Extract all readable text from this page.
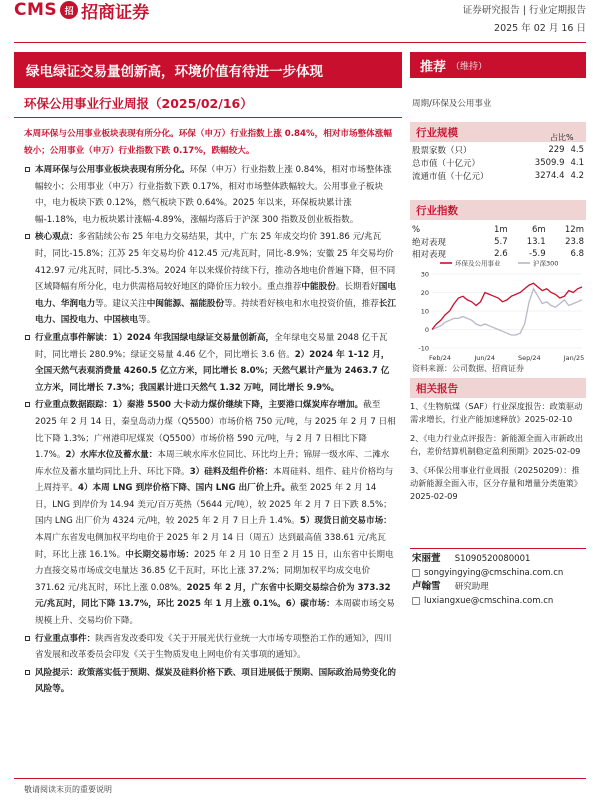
CMS 招 招商证券	证券研究报告 | 行业定期报告
2025 年 02 月 16 日
绿电绿证交易量创新高，环境价值有待进一步体现	推荐 （维持）
环保公用事业行业周报（2025/02/16）	周期/环保及公用事业
本周环保与公用事业板块表现有所分化。环保（申万）行业指数上涨 0.84%，相对市场整体涨幅较小；公用事业（申万）行业指数下跌 0.17%，跌幅较大。
本周环保与公用事业板块表现有所分化。环保（申万）行业指数上涨 0.84%，相对市场整体涨幅较小；公用事业（申万）行业指数下跌 0.17%，相对市场整体跌幅较大。公用事业子板块中，电力板块下跌 0.12%，燃气板块下跌 0.64%。2025 年以来，环保板块累计涨幅-1.18%，电力板块累计涨幅-4.89%，涨幅均落后于沪深 300 指数及创业板指数。
核心观点：多省陆续公布 25 年电力交易结果，其中，广东 25 年成交均价 391.86 元/兆瓦时，同比-15.8%；江苏 25 年交易均价 412.45 元/兆瓦时，同比-8.9%；安徽 25 年交易均价 412.97 元/兆瓦时，同比-5.3%。2024 年以来煤价持续下行，推动各地电价普遍下降，但不同区域降幅有所分化，电力供需格局较好地区的降价压力较小。重点推荐中能股份。长期看好国电电力、华润电力等。建议关注中闽能源、福能股份等。持续看好核电和水电投资价值，推荐长江电力、国投电力、中国核电等。
行业重点事件解读：1）2024 年我国绿电绿证交易量创新高，全年绿电交易量 2048 亿千瓦时，同比增长 280.9%；绿证交易量 4.46 亿个，同比增长 3.6 倍。2）2024 年 1-12 月，全国天然气表观消费量 4260.5 亿立方米，同比增长 8.0%；天然气累计产量为 2463.7 亿立方米，同比增长 7.3%；我国累计进口天然气 1.32 万吨，同比增长 9.9%。
行业重点数据跟踪：1）秦港 5500 大卡动力煤价继续下降，主要港口煤炭库存增加。截至 2025 年 2 月 14 日，秦皇岛动力煤（Q5500）市场价格 750 元/吨，与 2025 年 2 月 7 日相比下降 1.3%；广州港印尼煤炭（Q5500）市场价格 590 元/吨，与 2 月 7 日相比下降 1.7%。2）水库水位及蓄水量：本周三峡水库水位同比、环比均上升；锦屏一级水库、二滩水库水位及蓄水量均同比上升、环比下降。3）硅料及组件价格：本周硅料、组件、硅片价格均与上周持平。4）本周 LNG 到岸价格下降、国内 LNG 出厂价上升。截至 2025 年 2 月 14 日，LNG 到岸价为 14.94 美元/百万英热（5644 元/吨），较 2025 年 2 月 7 日下跌 8.5%；国内 LNG 出厂价为 4324 元/吨，较 2025 年 2 月 7 日上升 1.4%。5）现货日前交易市场：本周广东省发电侧加权平均电价于 2025 年 2 月 14 日（周五）达到最高值 338.61 元/兆瓦时，环比上涨 16.1%。中长期交易市场：2025 年 2 月 10 日至 2 月 15 日，山东省中长期电力直接交易市场成交电量达 36.85 亿千瓦时，环比上涨 37.2%；同期加权平均成交电价 371.62 元/兆瓦时，环比上涨 0.08%。2025 年 2 月，广东省中长期交易综合价为 373.32 元/兆瓦时，同比下降 13.7%，环比 2025 年 1 月上涨 0.1%。6）碳市场：本周碳市场交易规模上升、交易均价下降。
行业重点事件：陕西省发改委印发《关于开展光伏行业统一大市场专项整治工作的通知》，四川省发展和改革委员会印发《关于生物质发电上网电价有关事项的通知》。
风险提示：政策落实低于预期、煤炭及硅料价格下跌、项目进展低于预期、国际政治局势变化的风险等。
敬请阅读末页的重要说明
行业规模	占比%
股票家数（只）	229	4.5
总市值（十亿元）	3509.9	4.1
流通市值（十亿元）	3274.4	4.2
行业指数
%	1m	6m	12m
绝对表现	5.7	13.1	23.8
相对表现	2.6	-5.9	6.8
30
20
10
0
-10
Feb/24	Jun/24	Sep/24	Jan/25
环保及公用事业	沪深300
资料来源：公司数据、招商证券
相关报告
1、《生物航煤（SAF）行业深度报告：政策驱动需求增长，行业产能加速释放》2025-02-10
2、《电力行业点评报告：新能源全面入市新政出台，差价结算机制稳定盈利预期》2025-02-09
3、《环保公用事业行业周报（20250209）：推动新能源全面入市，区分存量和增量分类施策》2025-02-09
宋丽萱 S1090520080001
songyingying@cmschina.com.cn
卢翰雪 研究助理
luxiangxue@cmschina.com.cn
